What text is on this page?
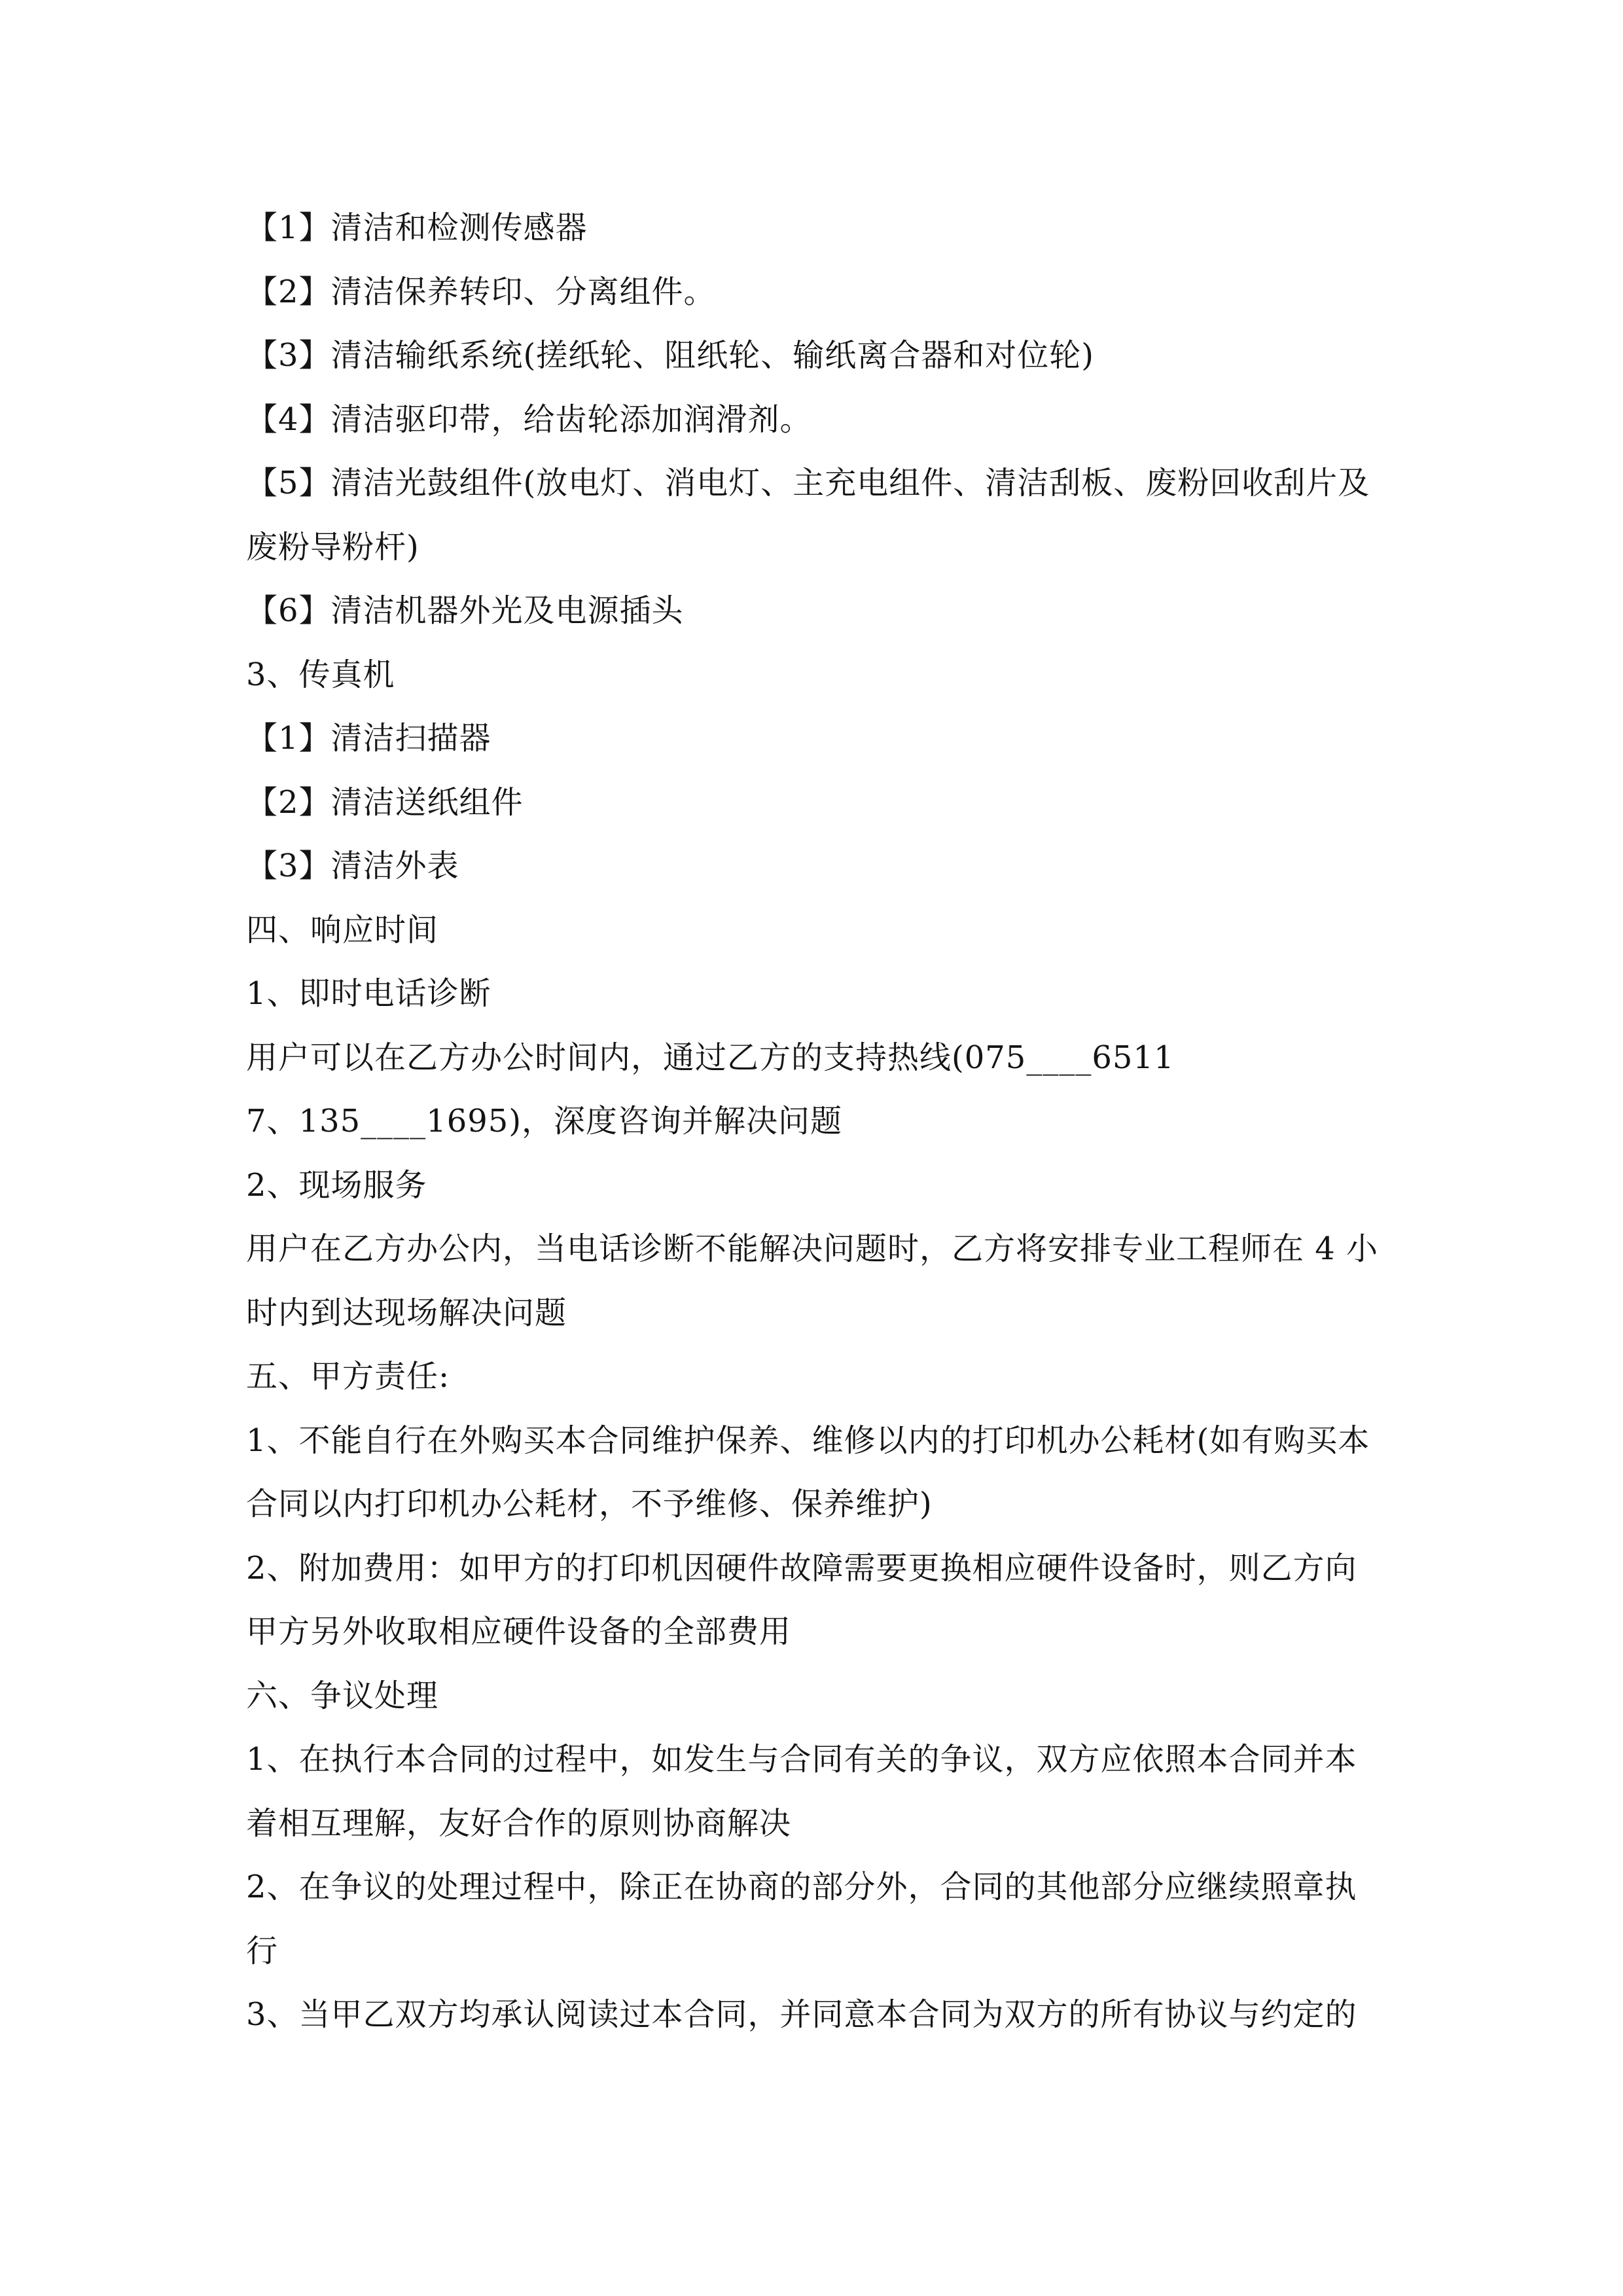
【1】清洁和检测传感器
【2】清洁保养转印、分离组件。
【3】清洁输纸系统(搓纸轮、阻纸轮、输纸离合器和对位轮)
【4】清洁驱印带，给齿轮添加润滑剂。
【5】清洁光鼓组件(放电灯、消电灯、主充电组件、清洁刮板、废粉回收刮片及
废粉导粉杆)
【6】清洁机器外光及电源插头
3、传真机
【1】清洁扫描器
【2】清洁送纸组件
【3】清洁外表
四、响应时间
1、即时电话诊断
用户可以在乙方办公时间内，通过乙方的支持热线(075____6511
7、135____1695)，深度咨询并解决问题
2、现场服务
用户在乙方办公内，当电话诊断不能解决问题时，乙方将安排专业工程师在 4 小
时内到达现场解决问题
五、甲方责任:
1、不能自行在外购买本合同维护保养、维修以内的打印机办公耗材(如有购买本
合同以内打印机办公耗材，不予维修、保养维护)
2、附加费用：如甲方的打印机因硬件故障需要更换相应硬件设备时，则乙方向
甲方另外收取相应硬件设备的全部费用
六、争议处理
1、在执行本合同的过程中，如发生与合同有关的争议，双方应依照本合同并本
着相互理解，友好合作的原则协商解决
2、在争议的处理过程中，除正在协商的部分外，合同的其他部分应继续照章执
行
3、当甲乙双方均承认阅读过本合同，并同意本合同为双方的所有协议与约定的
